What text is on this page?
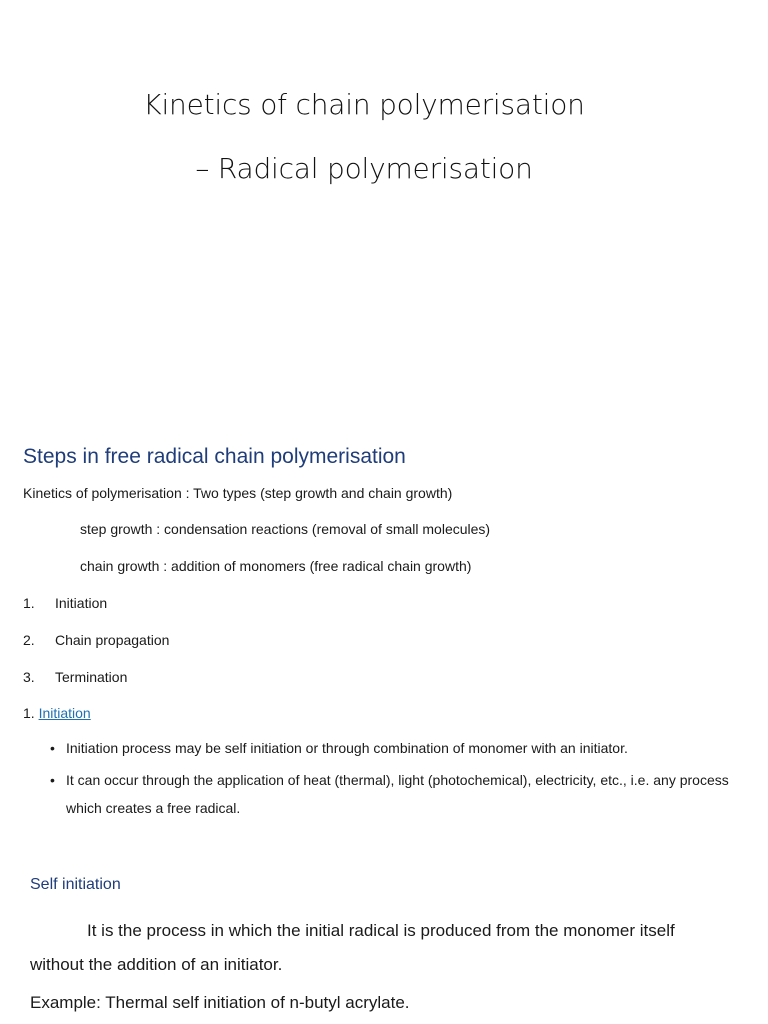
Kinetics of chain polymerisation
– Radical polymerisation
Steps in free radical chain polymerisation
Kinetics of polymerisation : Two types (step growth and chain growth)
step growth : condensation reactions (removal of small molecules)
chain growth : addition of monomers (free radical chain growth)
1. Initiation
2. Chain propagation
3. Termination
1. Initiation
• Initiation process may be self initiation or through combination of monomer with an initiator.
• It can occur through the application of heat (thermal), light (photochemical), electricity, etc., i.e. any process which creates a free radical.
Self initiation
It is the process in which the initial radical is produced from the monomer itself without the addition of an initiator.
Example: Thermal self initiation of n-butyl acrylate.
